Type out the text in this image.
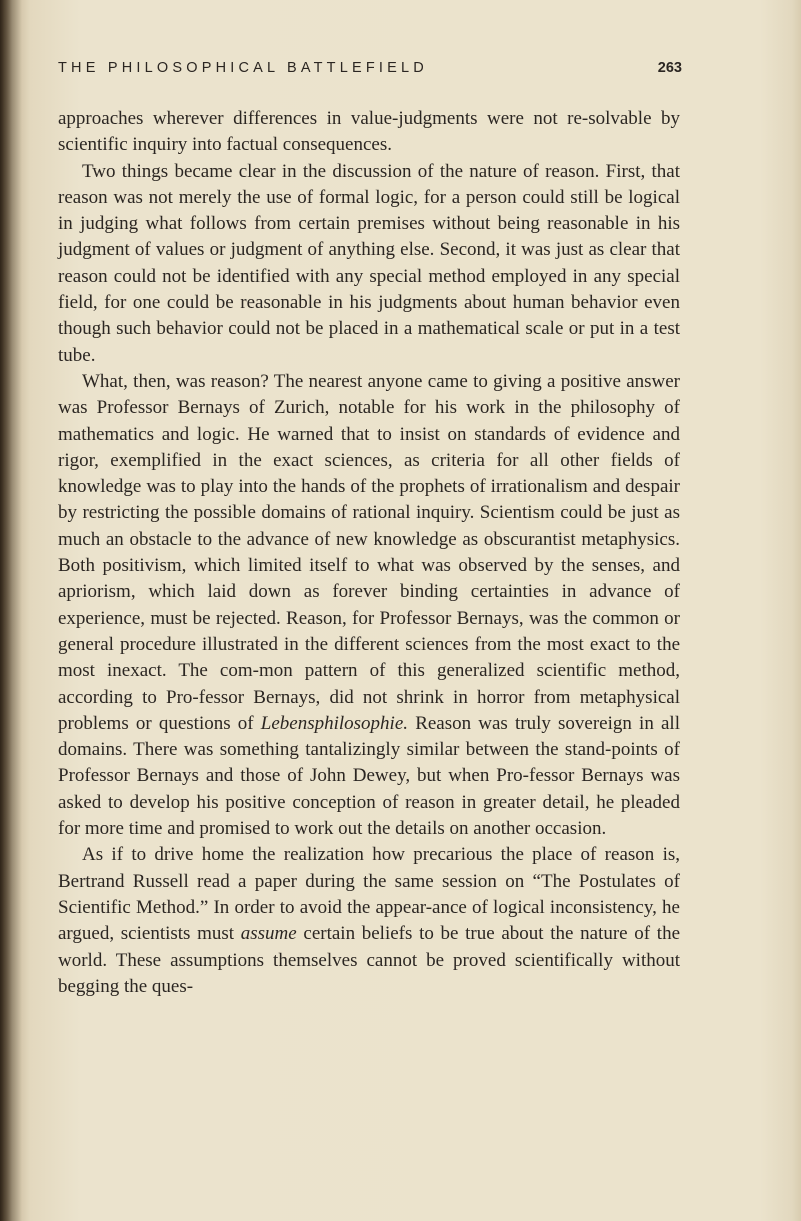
THE PHILOSOPHICAL BATTLEFIELD	263

approaches wherever differences in value-judgments were not re-solvable by scientific inquiry into factual consequences.

Two things became clear in the discussion of the nature of reason. First, that reason was not merely the use of formal logic, for a person could still be logical in judging what follows from certain premises without being reasonable in his judgment of values or judgment of anything else. Second, it was just as clear that reason could not be identified with any special method employed in any special field, for one could be reasonable in his judgments about human behavior even though such behavior could not be placed in a mathematical scale or put in a test tube.

What, then, was reason? The nearest anyone came to giving a positive answer was Professor Bernays of Zurich, notable for his work in the philosophy of mathematics and logic. He warned that to insist on standards of evidence and rigor, exemplified in the exact sciences, as criteria for all other fields of knowledge was to play into the hands of the prophets of irrationalism and despair by restricting the possible domains of rational inquiry. Scientism could be just as much an obstacle to the advance of new knowledge as obscurantist metaphysics. Both positivism, which limited itself to what was observed by the senses, and apriorism, which laid down as forever binding certainties in advance of experience, must be rejected. Reason, for Professor Bernays, was the common or general procedure illustrated in the different sciences from the most exact to the most inexact. The com-mon pattern of this generalized scientific method, according to Pro-fessor Bernays, did not shrink in horror from metaphysical problems or questions of Lebensphilosophie. Reason was truly sovereign in all domains. There was something tantalizingly similar between the stand-points of Professor Bernays and those of John Dewey, but when Pro-fessor Bernays was asked to develop his positive conception of reason in greater detail, he pleaded for more time and promised to work out the details on another occasion.

As if to drive home the realization how precarious the place of reason is, Bertrand Russell read a paper during the same session on “The Postulates of Scientific Method.” In order to avoid the appear-ance of logical inconsistency, he argued, scientists must assume certain beliefs to be true about the nature of the world. These assumptions themselves cannot be proved scientifically without begging the ques-
